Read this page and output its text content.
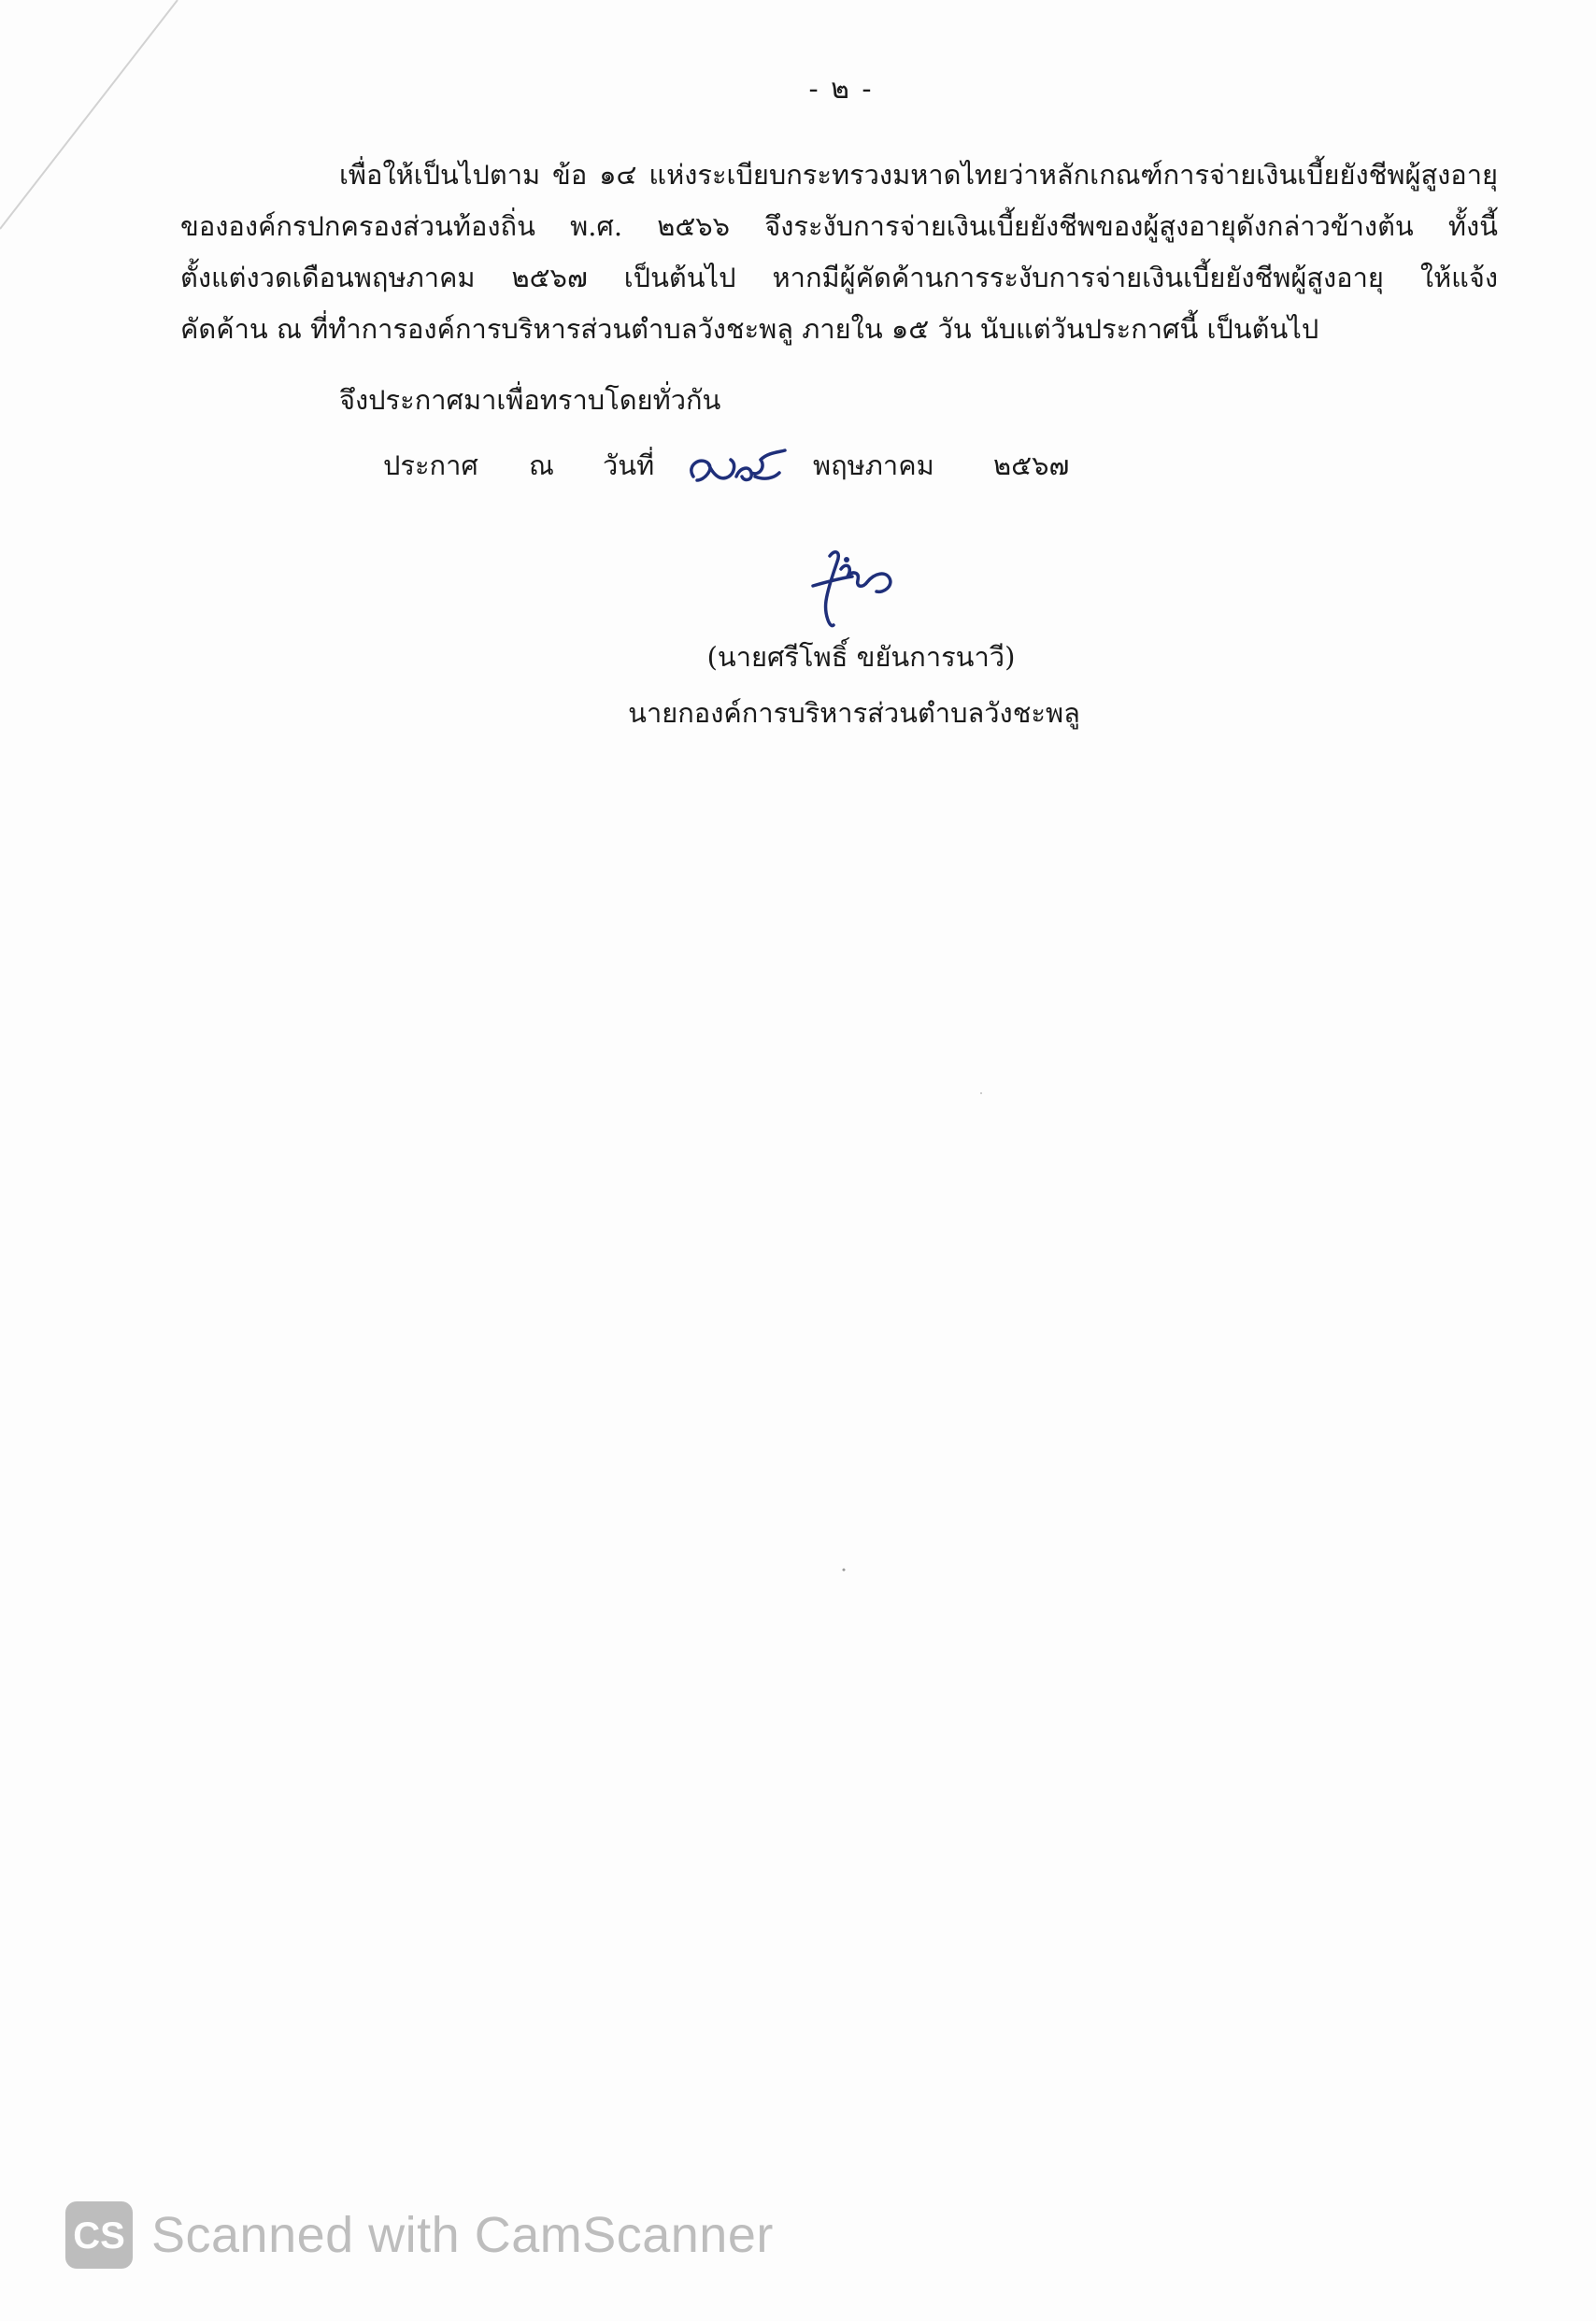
- ๒ -
เพื่อให้เป็นไปตาม ข้อ ๑๔ แห่งระเบียบกระทรวงมหาดไทยว่าหลักเกณฑ์การจ่ายเงินเบี้ยยังชีพผู้สูงอายุ
ขององค์กรปกครองส่วนท้องถิ่น พ.ศ. ๒๕๖๖ จึงระงับการจ่ายเงินเบี้ยยังชีพของผู้สูงอายุดังกล่าวข้างต้น ทั้งนี้
ตั้งแต่งวดเดือนพฤษภาคม ๒๕๖๗ เป็นต้นไป หากมีผู้คัดค้านการระงับการจ่ายเงินเบี้ยยังชีพผู้สูงอายุ ให้แจ้ง
คัดค้าน ณ ที่ทำการองค์การบริหารส่วนตำบลวังชะพลู ภายใน ๑๕ วัน นับแต่วันประกาศนี้ เป็นต้นไป
จึงประกาศมาเพื่อทราบโดยทั่วกัน
ประกาศ ณ วันที่	พฤษภาคม ๒๕๖๗
(นายศรีโพธิ์ ขยันการนาวี)
นายกองค์การบริหารส่วนตำบลวังชะพลู
CS Scanned with CamScanner
